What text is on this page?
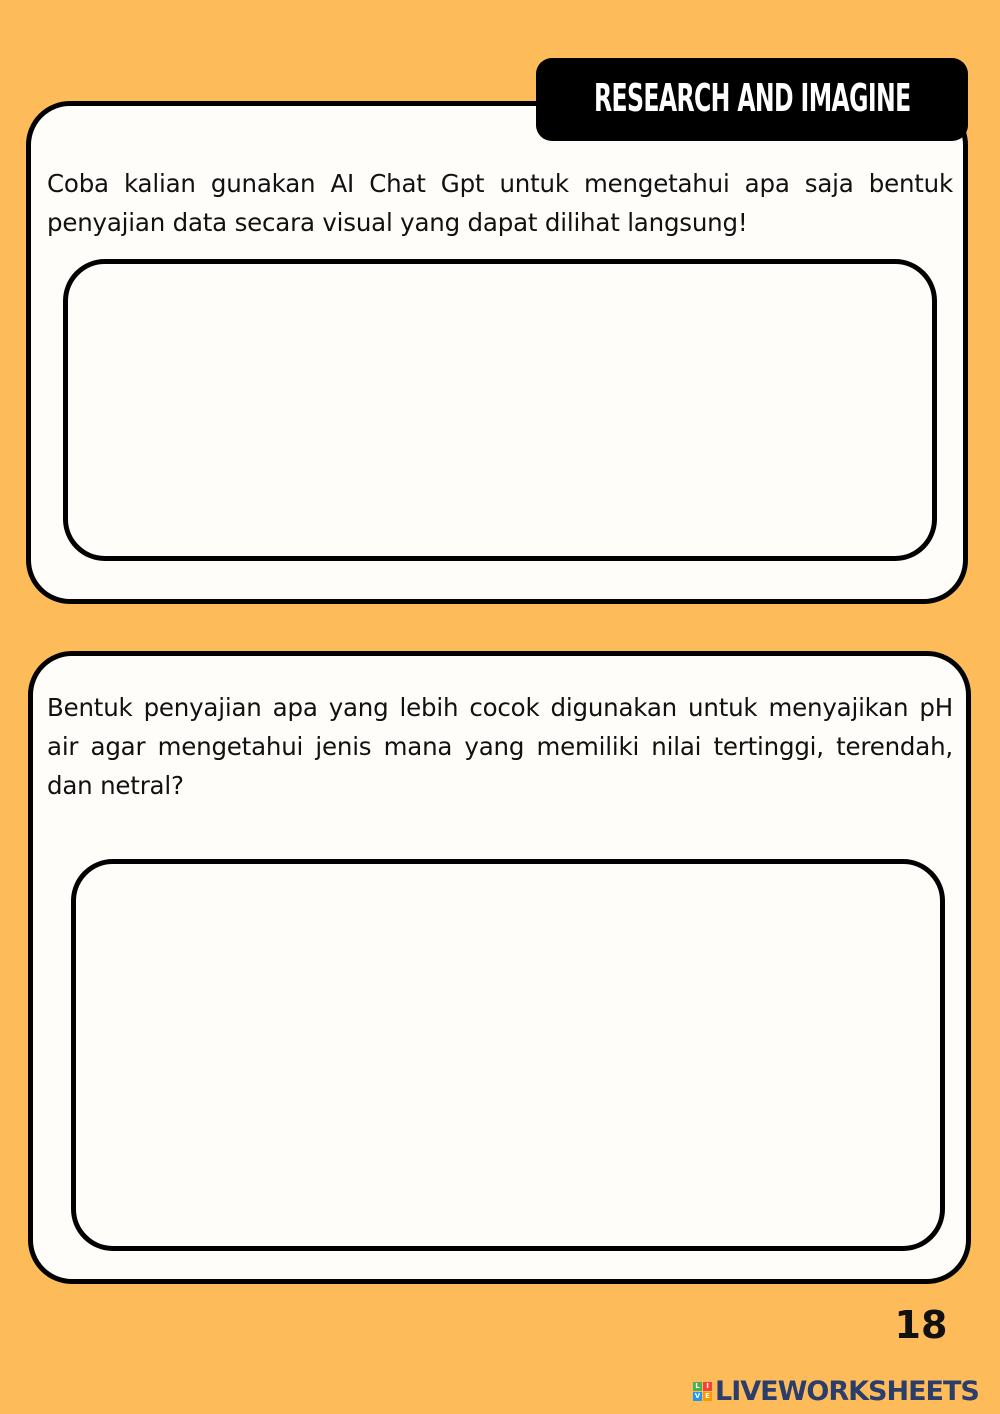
RESEARCH AND IMAGINE

Coba kalian gunakan AI Chat Gpt untuk mengetahui apa saja bentuk penyajian data secara visual yang dapat dilihat langsung!

Bentuk penyajian apa yang lebih cocok digunakan untuk menyajikan pH air agar mengetahui jenis mana yang memiliki nilai tertinggi, terendah, dan netral?

18
L I
V E LIVEWORKSHEETS
